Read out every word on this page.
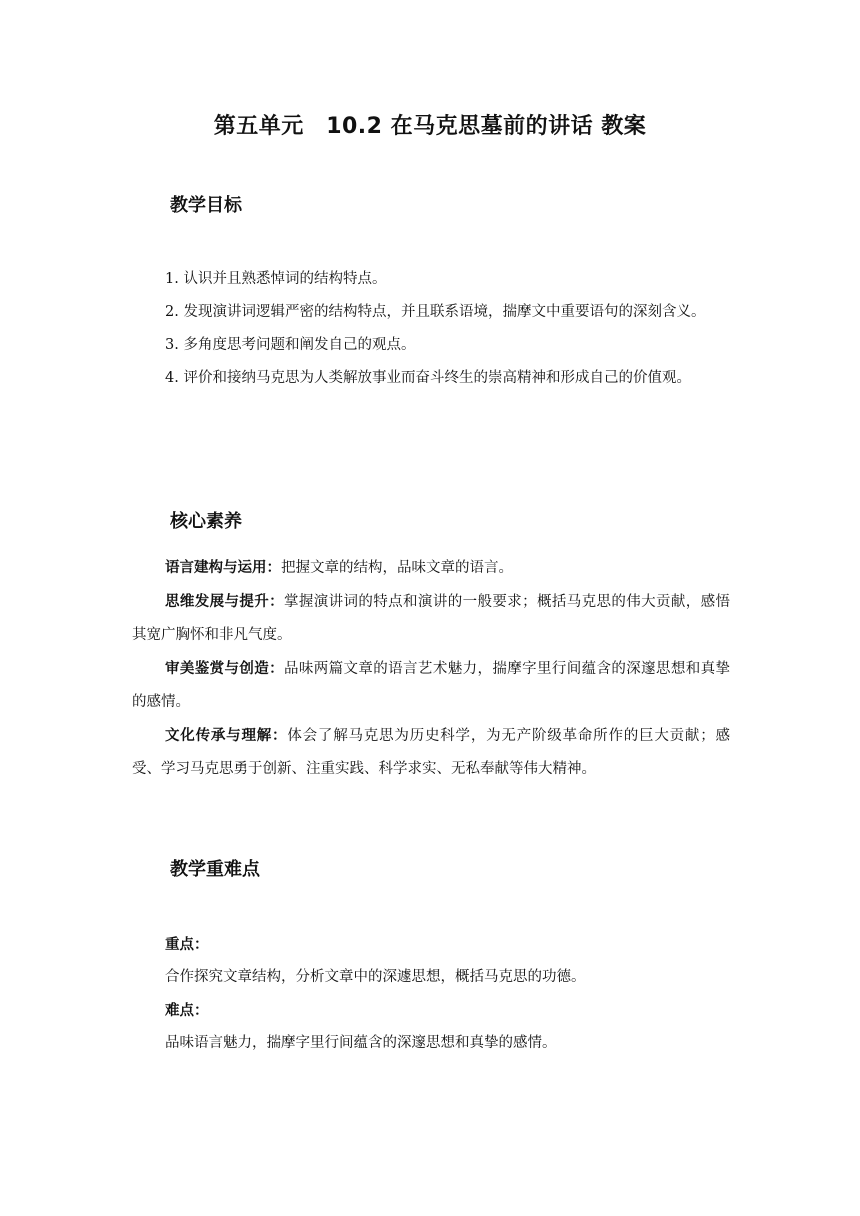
第五单元　10.2 在马克思墓前的讲话 教案
教学目标

1. 认识并且熟悉悼词的结构特点。

2. 发现演讲词逻辑严密的结构特点，并且联系语境，揣摩文中重要语句的深刻含义。

3. 多角度思考问题和阐发自己的观点。

4. 评价和接纳马克思为人类解放事业而奋斗终生的崇高精神和形成自己的价值观。

核心素养

语言建构与运用：把握文章的结构，品味文章的语言。

思维发展与提升：掌握演讲词的特点和演讲的一般要求；概括马克思的伟大贡献，感悟其宽广胸怀和非凡气度。

审美鉴赏与创造：品味两篇文章的语言艺术魅力，揣摩字里行间蕴含的深邃思想和真挚的感情。

文化传承与理解：体会了解马克思为历史科学，为无产阶级革命所作的巨大贡献；感受、学习马克思勇于创新、注重实践、科学求实、无私奉献等伟大精神。

教学重难点

重点：

合作探究文章结构，分析文章中的深遽思想，概括马克思的功德。

难点：

品味语言魅力，揣摩字里行间蕴含的深邃思想和真挚的感情。
